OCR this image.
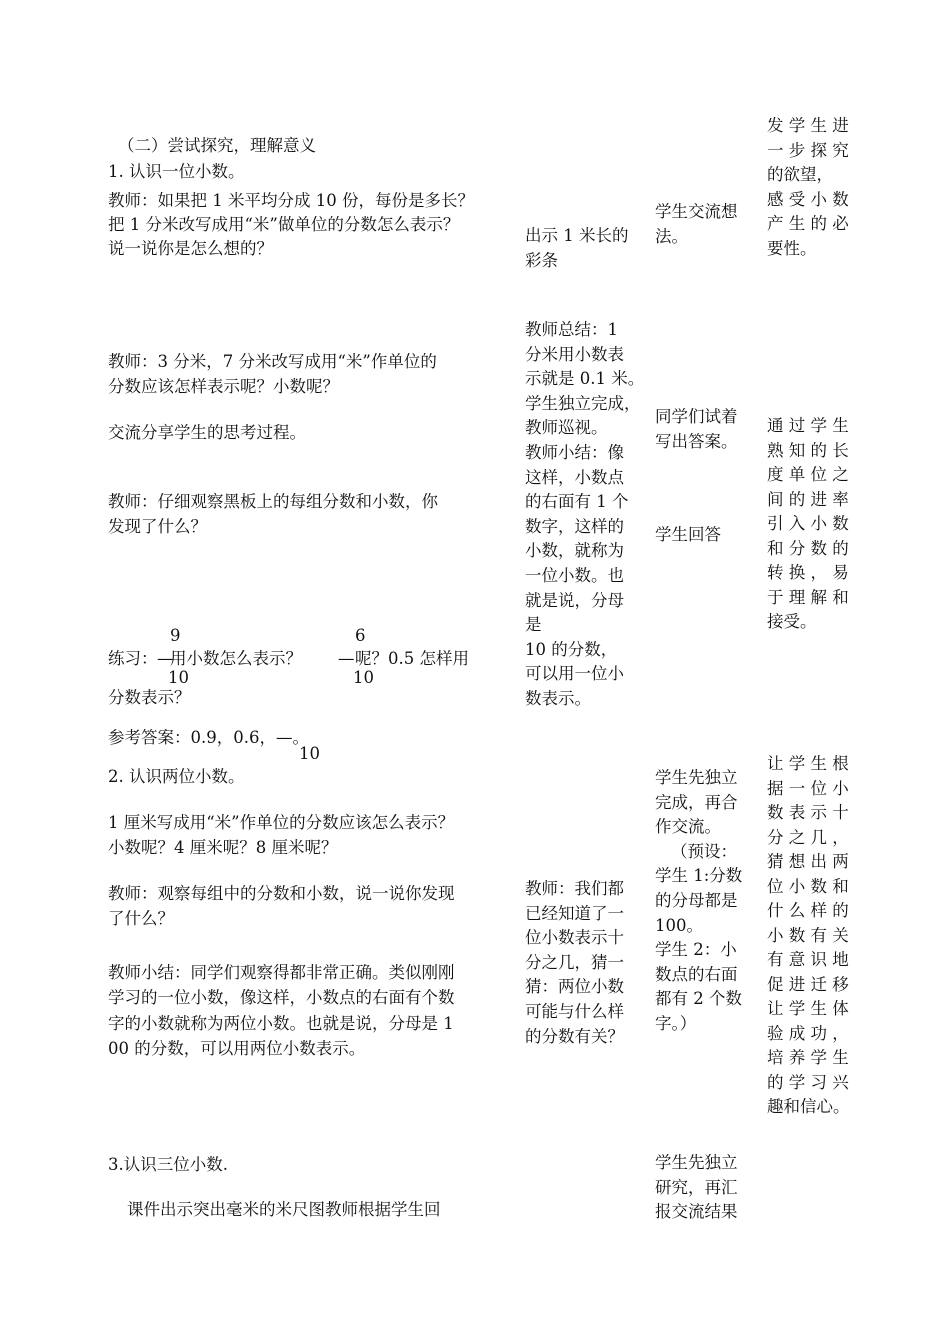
（二）尝试探究，理解意义
1. 认识一位小数。
教师：如果把 1 米平均分成 10 份，每份是多长？
把 1 分米改写成用“米”做单位的分数怎么表示？
说一说你是怎么想的？
教师：3 分米，7 分米改写成用“米”作单位的
分数应该怎样表示呢？小数呢？
交流分享学生的思考过程。
教师：仔细观察黑板上的每组分数和小数，你
发现了什么？
9
10
6
10
练习： —
用小数怎么表示？ — 呢？0.5 怎样用
分数表示？
参考答案：0.9，0.6，—。
10
2. 认识两位小数。
1 厘米写成用“米”作单位的分数应该怎么表示？
小数呢？4 厘米呢？8 厘米呢？
教师：观察每组中的分数和小数，说一说你发现
了什么？
教师小结：同学们观察得都非常正确。类似刚刚
学习的一位小数，像这样，小数点的右面有个数
字的小数就称为两位小数。也就是说，分母是 1
00 的分数，可以用两位小数表示。
3.认识三位小数.
课件出示突出毫米的米尺图教师根据学生回
出示 1 米长的
彩条
教师总结：1
分米用小数表
示就是 0.1 米。
学生独立完成，
教师巡视。
教师小结：像
这样，小数点
的右面有 1 个
数字，这样的
小数，就称为
一位小数。也
就是说，分母
是
10 的分数，
可以用一位小
数表示。
教师：我们都
已经知道了一
位小数表示十
分之几，猜一
猜：两位小数
可能与什么样
的分数有关？
学生交流想
法。
同学们试着
写出答案。
学生回答
学生先独立
完成，再合
作交流。
（预设：
学生 1:分数
的分母都是
100。
学生 2：小
数点的右面
都有 2 个数
字。）
学生先独立
研究，再汇
报交流结果
发 学 生 进
一 步 探 究
的欲望，
感 受 小 数
产 生 的 必
要性。
通 过 学 生
熟 知 的 长
度 单 位 之
间 的 进 率
引 入 小 数
和 分 数 的
转 换 ， 易
于 理 解 和
接受。
让 学 生 根
据 一 位 小
数 表 示 十
分 之 几 ，
猜 想 出 两
位 小 数 和
什 么 样 的
小 数 有 关
有 意 识 地
促 进 迁 移
让 学 生 体
验 成 功 ，
培 养 学 生
的 学 习 兴
趣和信心。
